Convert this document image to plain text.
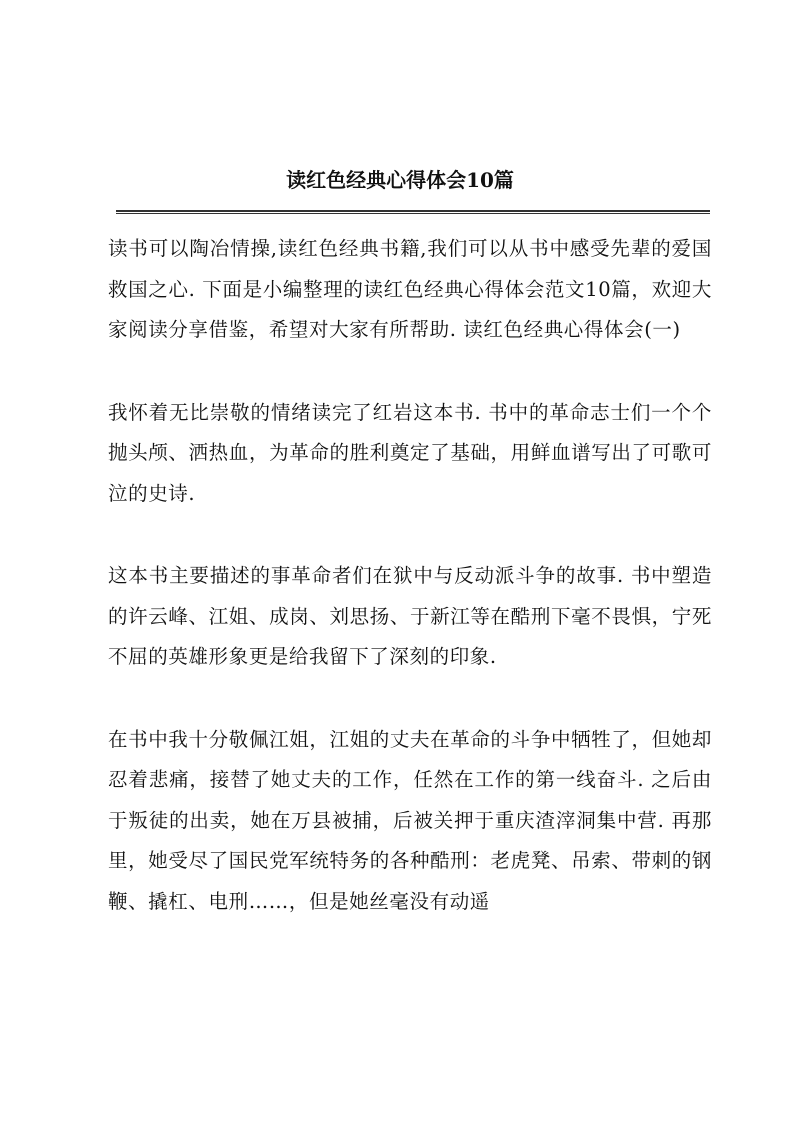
读红色经典心得体会10篇

读书可以陶冶情操,读红色经典书籍,我们可以从书中感受先辈的爱国救国之心. 下面是小编整理的读红色经典心得体会范文10篇，欢迎大家阅读分享借鉴，希望对大家有所帮助. 读红色经典心得体会(一)

我怀着无比崇敬的情绪读完了红岩这本书. 书中的革命志士们一个个抛头颅、洒热血，为革命的胜利奠定了基础，用鲜血谱写出了可歌可泣的史诗.

这本书主要描述的事革命者们在狱中与反动派斗争的故事. 书中塑造的许云峰、江姐、成岗、刘思扬、于新江等在酷刑下毫不畏惧，宁死不屈的英雄形象更是给我留下了深刻的印象.

在书中我十分敬佩江姐，江姐的丈夫在革命的斗争中牺牲了，但她却忍着悲痛，接替了她丈夫的工作，任然在工作的第一线奋斗. 之后由于叛徒的出卖，她在万县被捕，后被关押于重庆渣滓洞集中营. 再那里，她受尽了国民党军统特务的各种酷刑：老虎凳、吊索、带刺的钢鞭、撬杠、电刑……，但是她丝毫没有动遥
